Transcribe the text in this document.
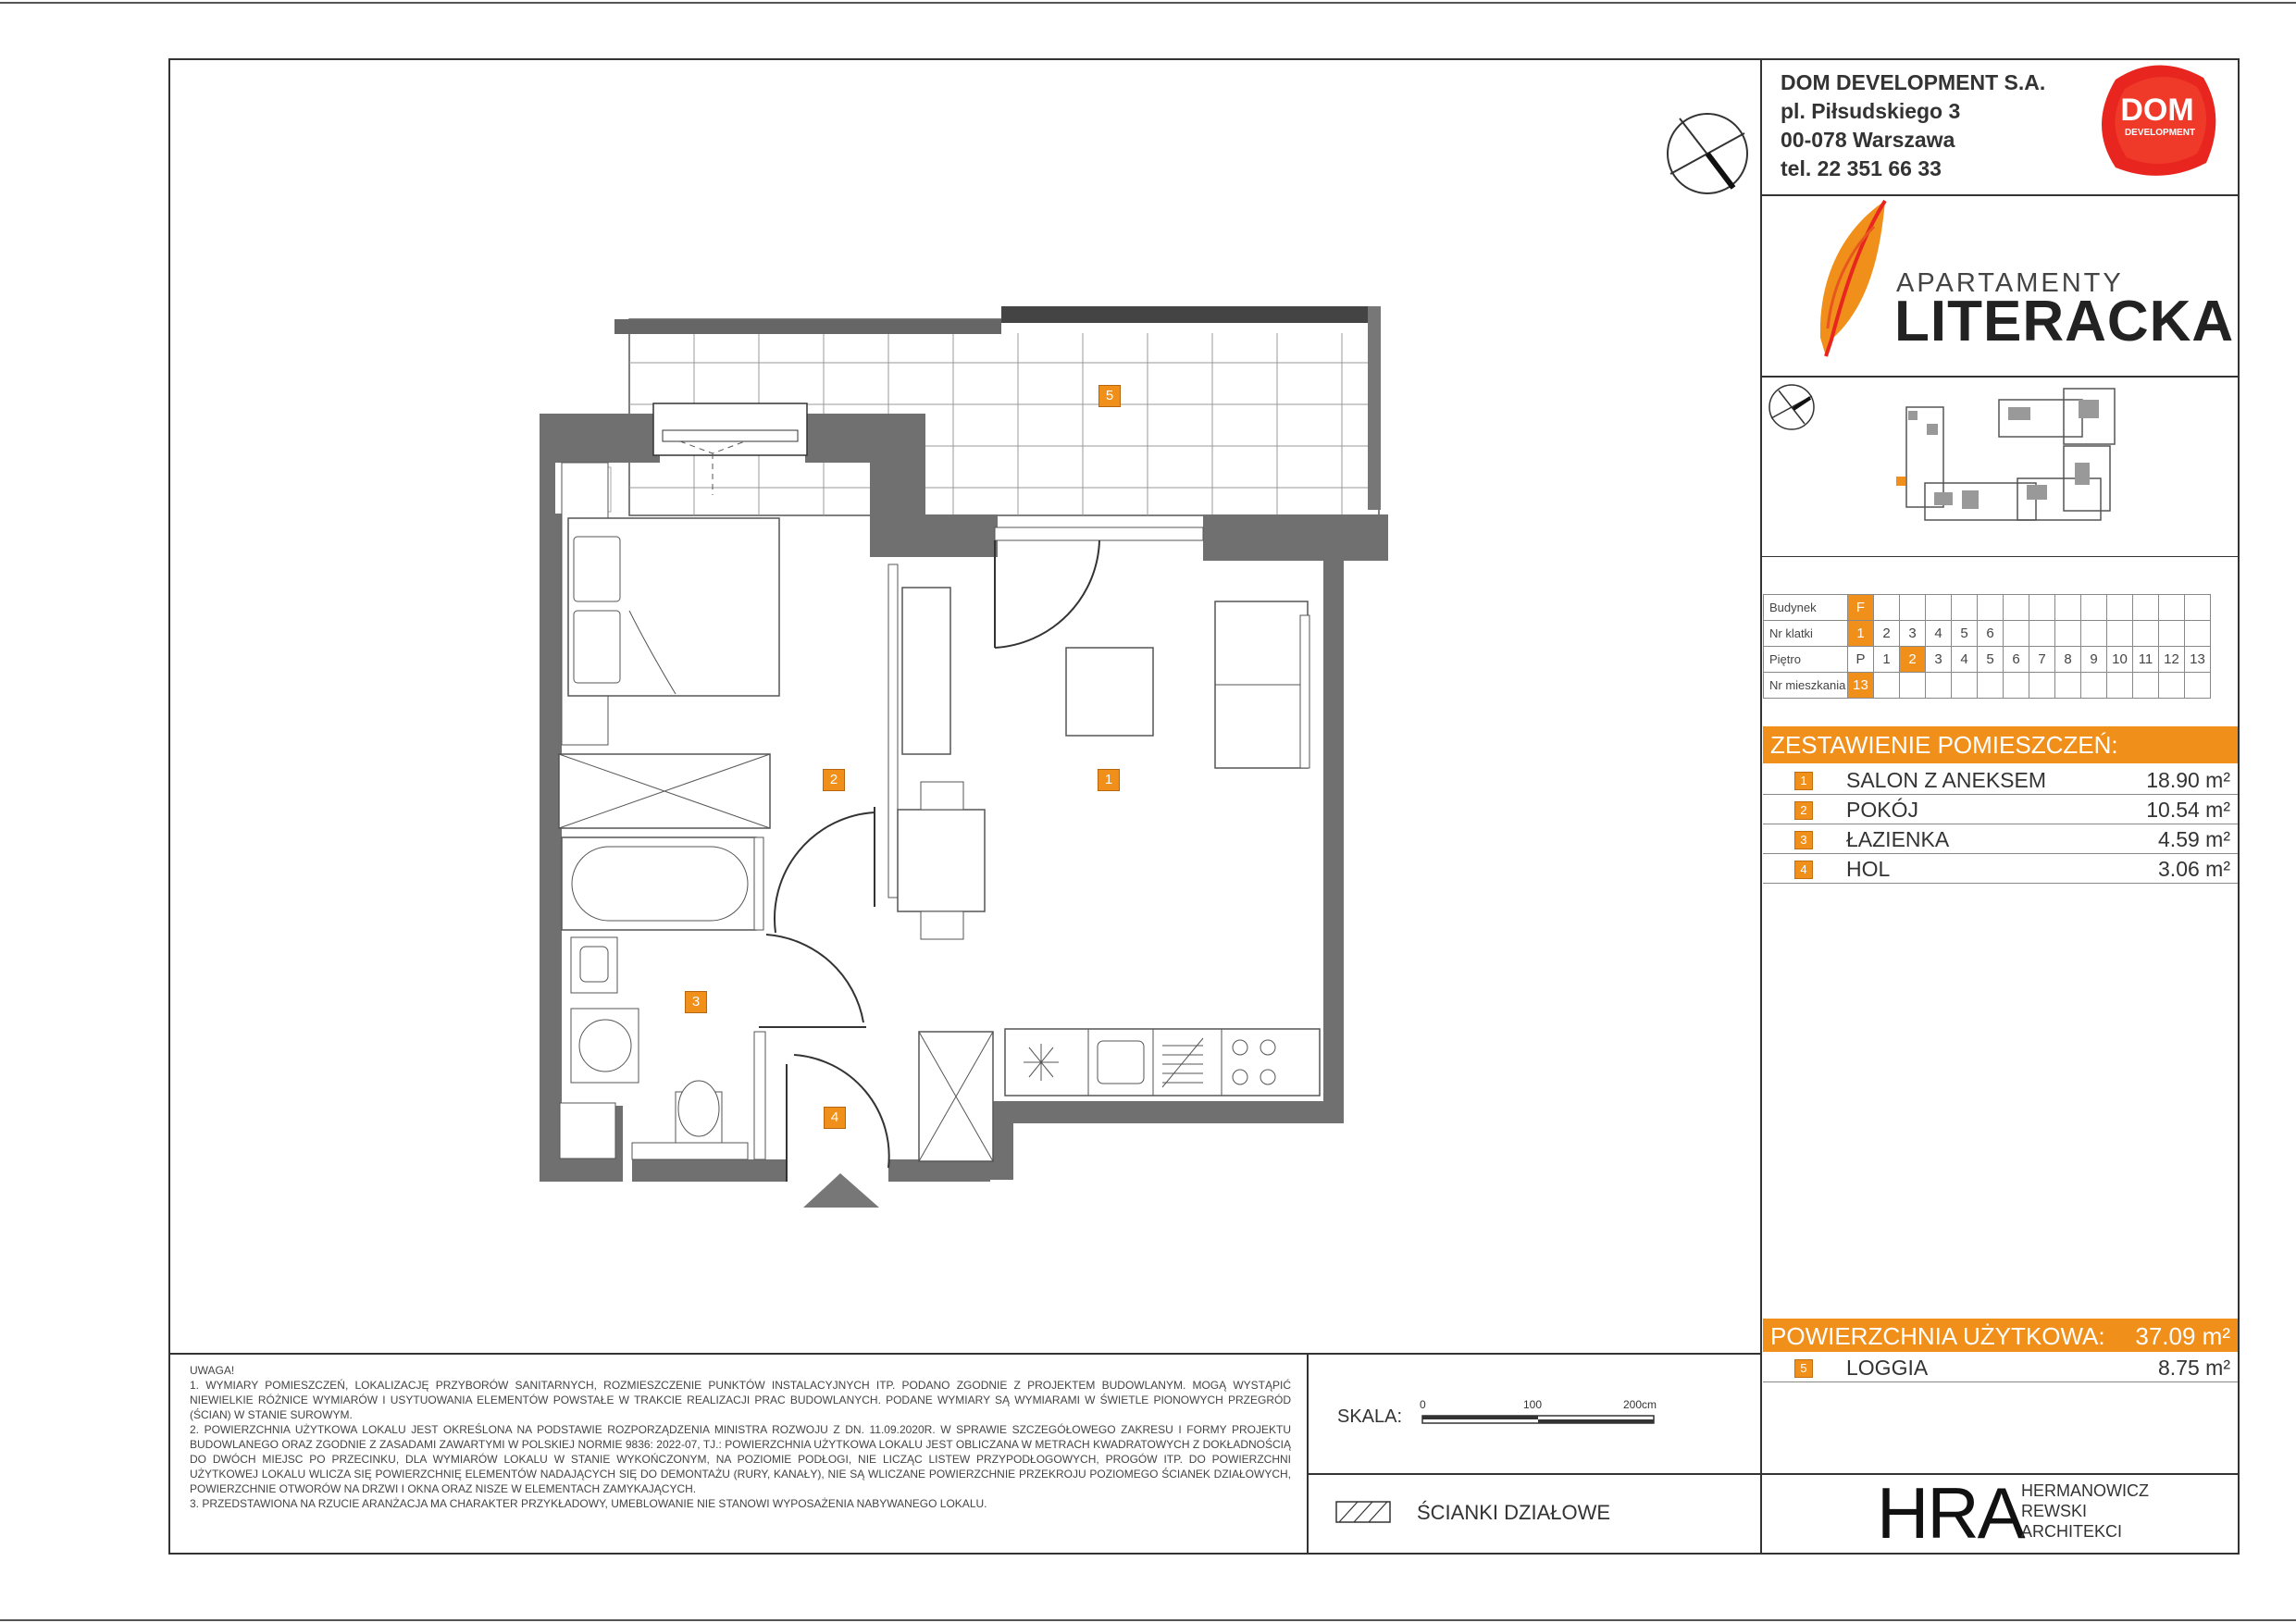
DOM DEVELOPMENT S.A.
pl. Piłsudskiego 3
00-078 Warszawa
tel. 22 351 66 33
DOM
DEVELOPMENT
APARTAMENTY
LITERACKA
Budynek	F													
Nr klatki	1	2	3	4	5	6								
Piętro	P	1	2	3	4	5	6	7	8	9	10	11	12	13
Nr mieszkania	13													
ZESTAWIENIE POMIESZCZEŃ:
1 SALON Z ANEKSEM	18.90 m²
2 POKÓJ	10.54 m²
3 ŁAZIENKA	4.59 m²
4 HOL	3.06 m²
POWIERZCHNIA UŻYTKOWA: 37.09 m²
5 LOGGIA	8.75 m²
UWAGA!
1. WYMIARY POMIESZCZEŃ, LOKALIZACJĘ PRZYBORÓW SANITARNYCH, ROZMIESZCZENIE PUNKTÓW INSTALACYJNYCH ITP. PODANO ZGODNIE Z PROJEKTEM BUDOWLANYM. MOGĄ WYSTĄPIĆ NIEWIELKIE RÓŻNICE WYMIARÓW I USYTUOWANIA ELEMENTÓW POWSTAŁE W TRAKCIE REALIZACJI PRAC BUDOWLANYCH. PODANE WYMIARY SĄ WYMIARAMI W ŚWIETLE PIONOWYCH PRZEGRÓD (ŚCIAN) W STANIE SUROWYM.
2. POWIERZCHNIA UŻYTKOWA LOKALU JEST OKREŚLONA NA PODSTAWIE ROZPORZĄDZENIA MINISTRA ROZWOJU Z DN. 11.09.2020R. W SPRAWIE SZCZEGÓŁOWEGO ZAKRESU I FORMY PROJEKTU BUDOWLANEGO ORAZ ZGODNIE Z ZASADAMI ZAWARTYMI W POLSKIEJ NORMIE 9836: 2022-07, TJ.: POWIERZCHNIA UŻYTKOWA LOKALU JEST OBLICZANA W METRACH KWADRATOWYCH Z DOKŁADNOŚCIĄ DO DWÓCH MIEJSC PO PRZECINKU, DLA WYMIARÓW LOKALU W STANIE WYKOŃCZONYM, NA POZIOMIE PODŁOGI, NIE LICZĄC LISTEW PRZYPODŁOGOWYCH, PROGÓW ITP. DO POWIERZCHNI UŻYTKOWEJ LOKALU WLICZA SIĘ POWIERZCHNIĘ ELEMENTÓW NADAJĄCYCH SIĘ DO DEMONTAŻU (RURY, KANAŁY), NIE SĄ WLICZANE POWIERZCHNIE PRZEKROJU POZIOMEGO ŚCIANEK DZIAŁOWYCH, POWIERZCHNIE OTWORÓW NA DRZWI I OKNA ORAZ NISZE W ELEMENTACH ZAMYKAJĄCYCH.
3. PRZEDSTAWIONA NA RZUCIE ARANŻACJA MA CHARAKTER PRZYKŁADOWY, UMEBLOWANIE NIE STANOWI WYPOSAŻENIA NABYWANEGO LOKALU.
SKALA:
0	100	200cm
ŚCIANKI DZIAŁOWE	HRA
HERMANOWICZ
REWSKI
ARCHITEKCI
5
2	1
3
4
